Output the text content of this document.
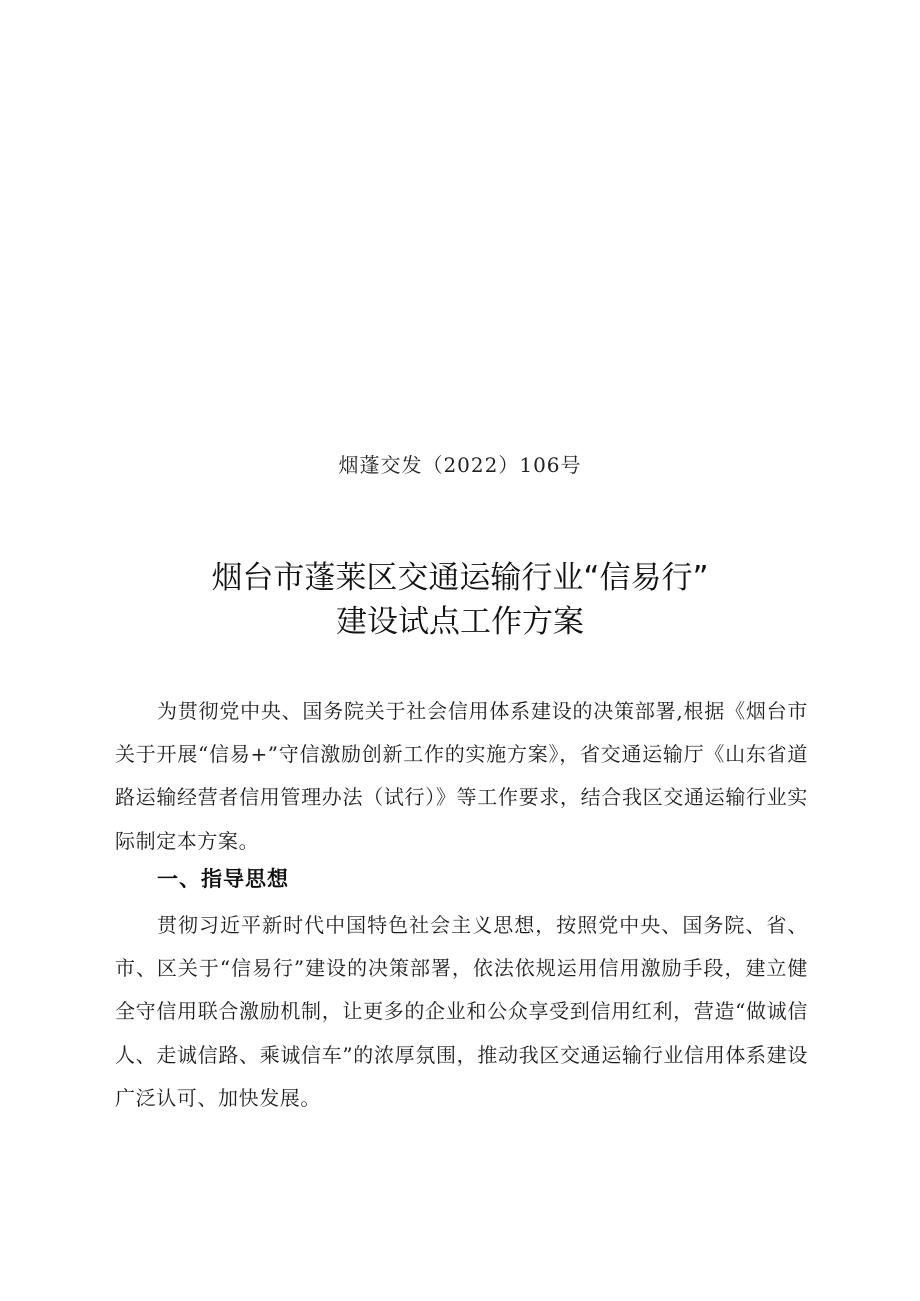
烟蓬交发（2022）106号
烟台市蓬莱区交通运输行业“信易行”
建设试点工作方案

为贯彻党中央、国务院关于社会信用体系建设的决策部署,根据《烟台市关于开展“信易+”守信激励创新工作的实施方案》，省交通运输厅《山东省道路运输经营者信用管理办法（试行）》等工作要求，结合我区交通运输行业实际制定本方案。

一、指导思想

贯彻习近平新时代中国特色社会主义思想，按照党中央、国务院、省、市、区关于“信易行”建设的决策部署，依法依规运用信用激励手段，建立健全守信用联合激励机制，让更多的企业和公众享受到信用红利，营造“做诚信人、走诚信路、乘诚信车”的浓厚氛围，推动我区交通运输行业信用体系建设广泛认可、加快发展。
